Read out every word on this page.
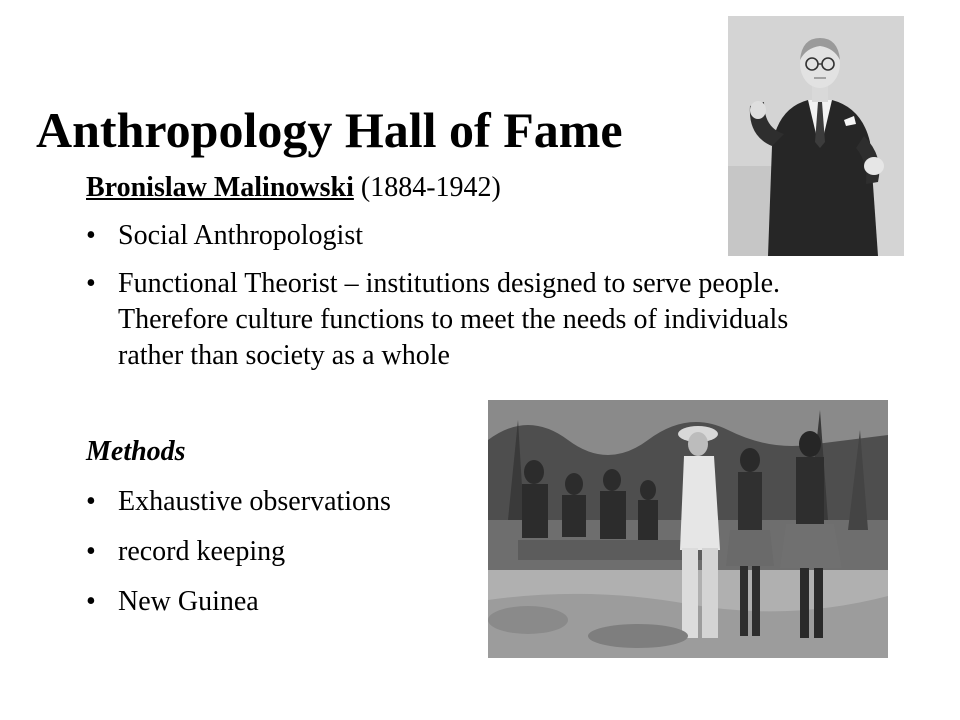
Anthropology Hall of Fame
Bronislaw Malinowski (1884-1942)
• Social Anthropologist
• Functional Theorist – institutions designed to serve people. Therefore culture functions to meet the needs of individuals rather than society as a whole
Methods
• Exhaustive observations
• record keeping
• New Guinea
